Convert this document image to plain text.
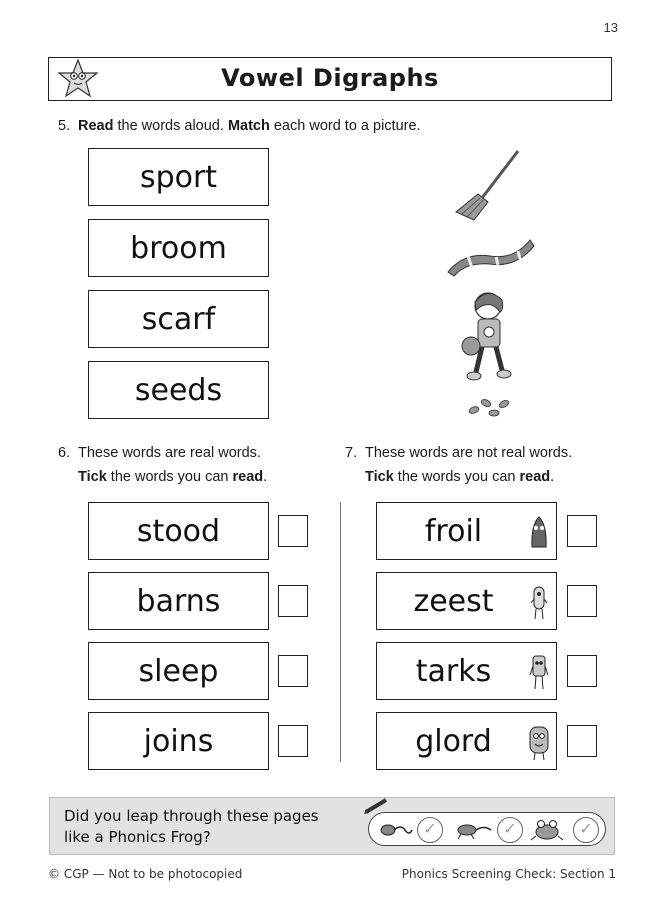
13
Vowel Digraphs
5. Read the words aloud. Match each word to a picture.
sport
broom
scarf
seeds
6. These words are real words.
Tick the words you can read.
7. These words are not real words.
Tick the words you can read.
stood
barns
sleep
joins
froil
zeest
tarks
glord
Did you leap through these pages
like a Phonics Frog?	✓	✓	✓
© CGP — Not to be photocopied	Phonics Screening Check: Section 1
